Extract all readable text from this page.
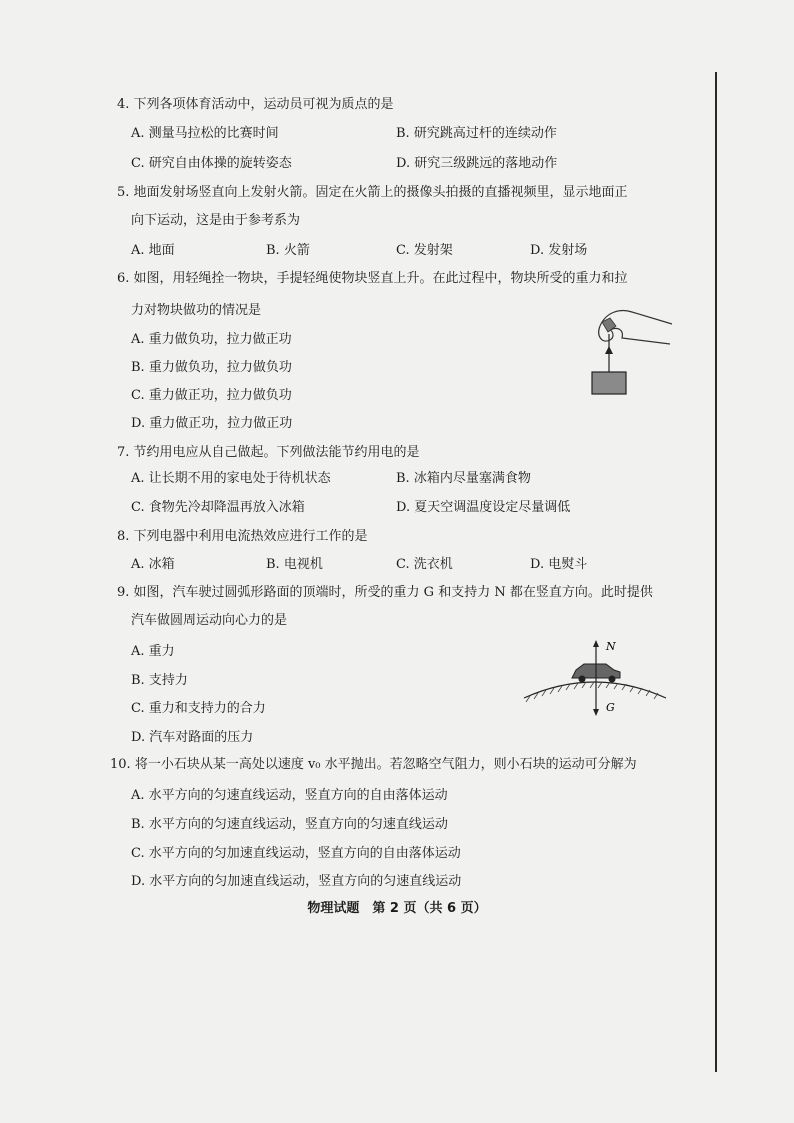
4. 下列各项体育活动中，运动员可视为质点的是
A. 测量马拉松的比赛时间	B. 研究跳高过杆的连续动作
C. 研究自由体操的旋转姿态	D. 研究三级跳远的落地动作
5. 地面发射场竖直向上发射火箭。固定在火箭上的摄像头拍摄的直播视频里，显示地面正
向下运动，这是由于参考系为
A. 地面	B. 火箭	C. 发射架	D. 发射场
6. 如图，用轻绳拴一物块，手提轻绳使物块竖直上升。在此过程中，物块所受的重力和拉
力对物块做功的情况是
A. 重力做负功，拉力做正功
B. 重力做负功，拉力做负功
C. 重力做正功，拉力做负功
D. 重力做正功，拉力做正功
7. 节约用电应从自己做起。下列做法能节约用电的是
A. 让长期不用的家电处于待机状态	B. 冰箱内尽量塞满食物
C. 食物先冷却降温再放入冰箱	D. 夏天空调温度设定尽量调低
8. 下列电器中利用电流热效应进行工作的是
A. 冰箱	B. 电视机	C. 洗衣机	D. 电熨斗
9. 如图，汽车驶过圆弧形路面的顶端时，所受的重力 G 和支持力 N 都在竖直方向。此时提供
汽车做圆周运动向心力的是
A. 重力
B. 支持力
C. 重力和支持力的合力
D. 汽车对路面的压力
N
G
10. 将一小石块从某一高处以速度 v₀ 水平抛出。若忽略空气阻力，则小石块的运动可分解为
A. 水平方向的匀速直线运动，竖直方向的自由落体运动
B. 水平方向的匀速直线运动，竖直方向的匀速直线运动
C. 水平方向的匀加速直线运动，竖直方向的自由落体运动
D. 水平方向的匀加速直线运动，竖直方向的匀速直线运动
物理试题　第 2 页（共 6 页）
